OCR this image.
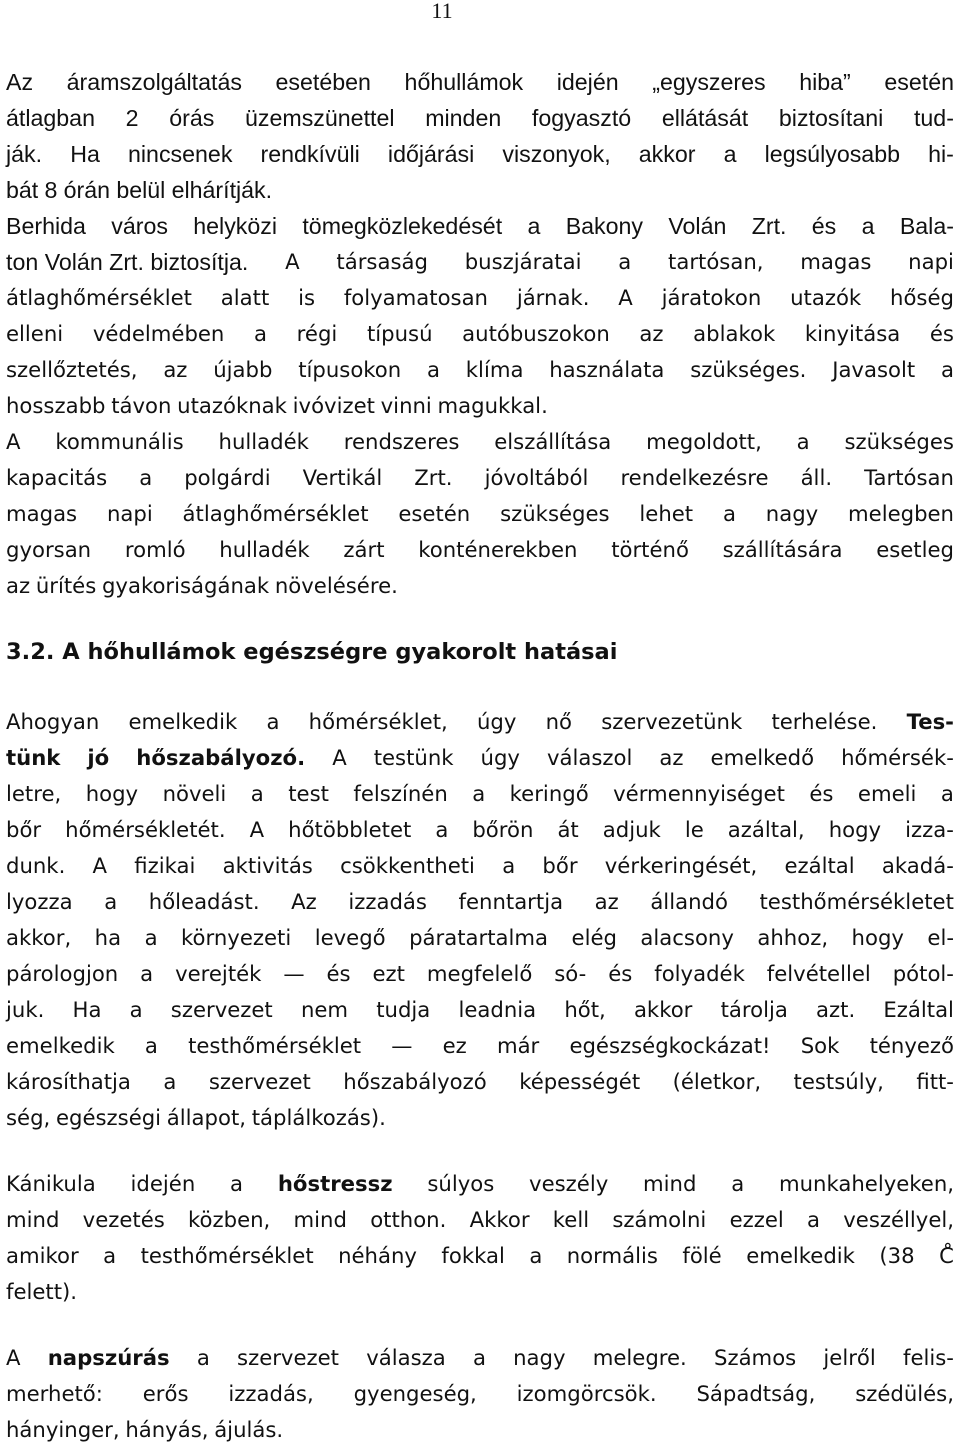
11
Az áramszolgáltatás esetében hőhullámok idején „egyszeres hiba” esetén
átlagban 2 órás üzemszünettel minden fogyasztó ellátását biztosítani tud-
ják. Ha nincsenek rendkívüli időjárási viszonyok, akkor a legsúlyosabb hi-
bát 8 órán belül elhárítják.
Berhida város helyközi tömegközlekedését a Bakony Volán Zrt. és a Bala-
ton Volán Zrt. biztosítja. A társaság buszjáratai a tartósan, magas napi
átlaghőmérséklet alatt is folyamatosan járnak. A járatokon utazók hőség
elleni védelmében a régi típusú autóbuszokon az ablakok kinyitása és
szellőztetés, az újabb típusokon a klíma használata szükséges. Javasolt a
hosszabb távon utazóknak ivóvizet vinni magukkal.
A kommunális hulladék rendszeres elszállítása megoldott, a szükséges
kapacitás a polgárdi Vertikál Zrt. jóvoltából rendelkezésre áll. Tartósan
magas napi átlaghőmérséklet esetén szükséges lehet a nagy melegben
gyorsan romló hulladék zárt konténerekben történő szállítására esetleg
az ürítés gyakoriságának növelésére.
3.2. A hőhullámok egészségre gyakorolt hatásai
Ahogyan emelkedik a hőmérséklet, úgy nő szervezetünk terhelése. Tes-
tünk jó hőszabályozó. A testünk úgy válaszol az emelkedő hőmérsék-
letre, hogy növeli a test felszínén a keringő vérmennyiséget és emeli a
bőr hőmérsékletét. A hőtöbbletet a bőrön át adjuk le azáltal, hogy izza-
dunk. A fizikai aktivitás csökkentheti a bőr vérkeringését, ezáltal akadá-
lyozza a hőleadást. Az izzadás fenntartja az állandó testhőmérsékletet
akkor, ha a környezeti levegő páratartalma elég alacsony ahhoz, hogy el-
párologjon a verejték — és ezt megfelelő só- és folyadék felvétellel pótol-
juk. Ha a szervezet nem tudja leadnia hőt, akkor tárolja azt. Ezáltal
emelkedik a testhőmérséklet — ez már egészségkockázat! Sok tényező
károsíthatja a szervezet hőszabályozó képességét (életkor, testsúly, fitt-
ség, egészségi állapot, táplálkozás).
Kánikula idején a hőstressz súlyos veszély mind a munkahelyeken,
mind vezetés közben, mind otthon. Akkor kell számolni ezzel a veszéllyel,
amikor a testhőmérséklet néhány fokkal a normális fölé emelkedik (38 C̊
felett).
A napszúrás a szervezet válasza a nagy melegre. Számos jelről felis-
merhető: erős izzadás, gyengeség, izomgörcsök. Sápadtság, szédülés,
hányinger, hányás, ájulás.
